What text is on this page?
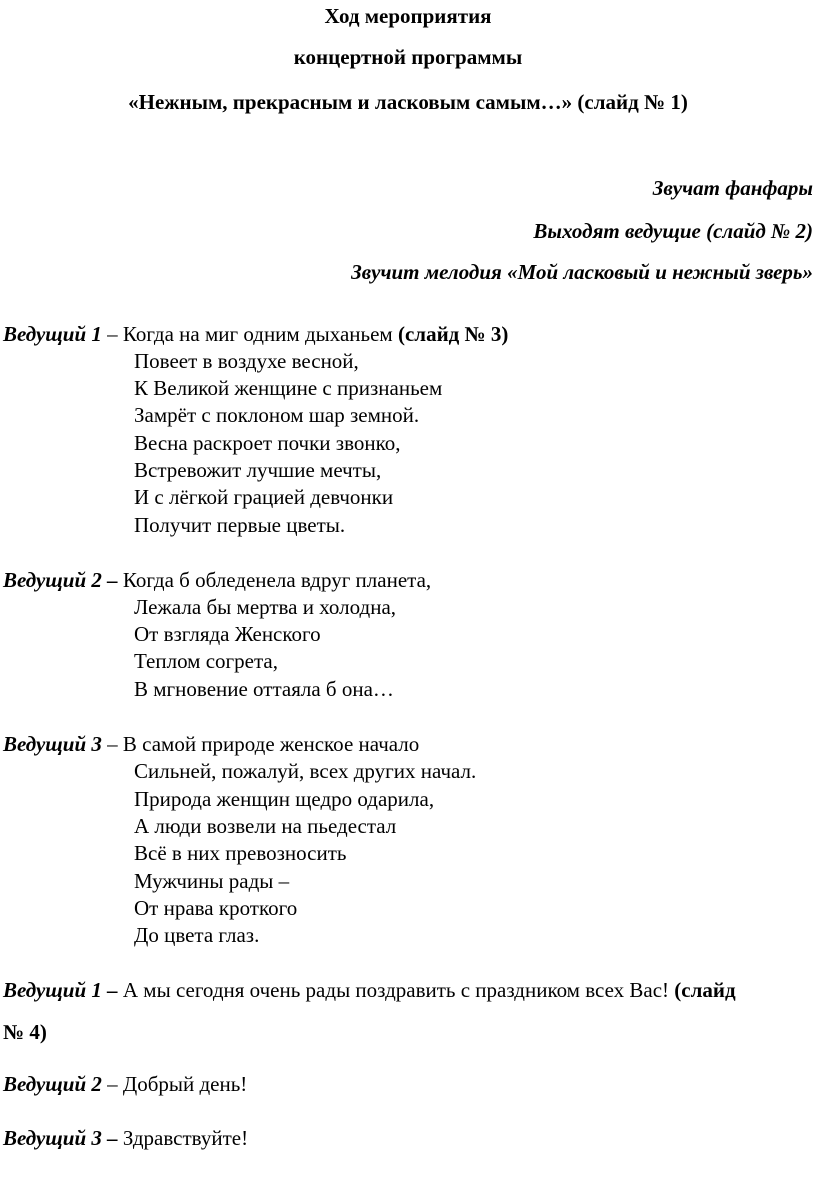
Ход мероприятия
концертной программы
«Нежным, прекрасным и ласковым самым…» (слайд № 1)
Звучат фанфары
Выходят ведущие (слайд № 2)
Звучит мелодия «Мой ласковый и нежный зверь»
Ведущий 1 – Когда на миг одним дыханьем (слайд № 3)
Повеет в воздухе весной,
К Великой женщине с признаньем
Замрёт с поклоном шар земной.
Весна раскроет почки звонко,
Встревожит лучшие мечты,
И с лёгкой грацией девчонки
Получит первые цветы.
Ведущий 2 – Когда б обледенела вдруг планета,
Лежала бы мертва и холодна,
От взгляда Женского
Теплом согрета,
В мгновение оттаяла б она…
Ведущий 3 – В самой природе женское начало
Сильней, пожалуй, всех других начал.
Природа женщин щедро одарила,
А люди возвели на пьедестал
Всё в них превозносить
Мужчины рады –
От нрава кроткого
До цвета глаз.
Ведущий 1 – А мы сегодня очень рады поздравить с праздником всех Вас! (слайд
№ 4)
Ведущий 2 – Добрый день!
Ведущий 3 – Здравствуйте!
